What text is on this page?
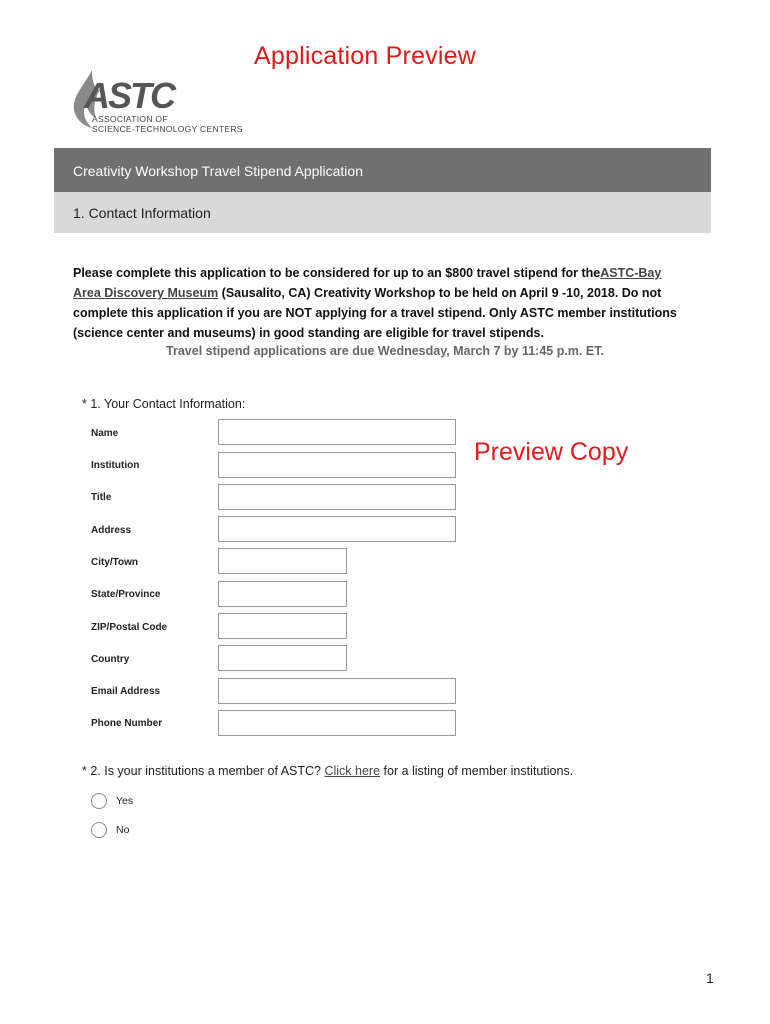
Application Preview
ASTC
ASSOCIATION OF
SCIENCE-TECHNOLOGY CENTERS
Creativity Workshop Travel Stipend Application
1. Contact Information
Please complete this application to be considered for up to an $800 travel stipend for theASTC-Bay Area Discovery Museum (Sausalito, CA) Creativity Workshop to be held on April 9 -10, 2018. Do not complete this application if you are NOT applying for a travel stipend. Only ASTC member institutions (science center and museums) in good standing are eligible for travel stipends.
Travel stipend applications are due Wednesday, March 7 by 11:45 p.m. ET.
* 1. Your Contact Information:
Name
Institution
Title
Address
City/Town
State/Province
ZIP/Postal Code
Country
Email Address
Phone Number
Preview Copy
* 2. Is your institutions a member of ASTC? Click here for a listing of member institutions.
Yes
No
1
